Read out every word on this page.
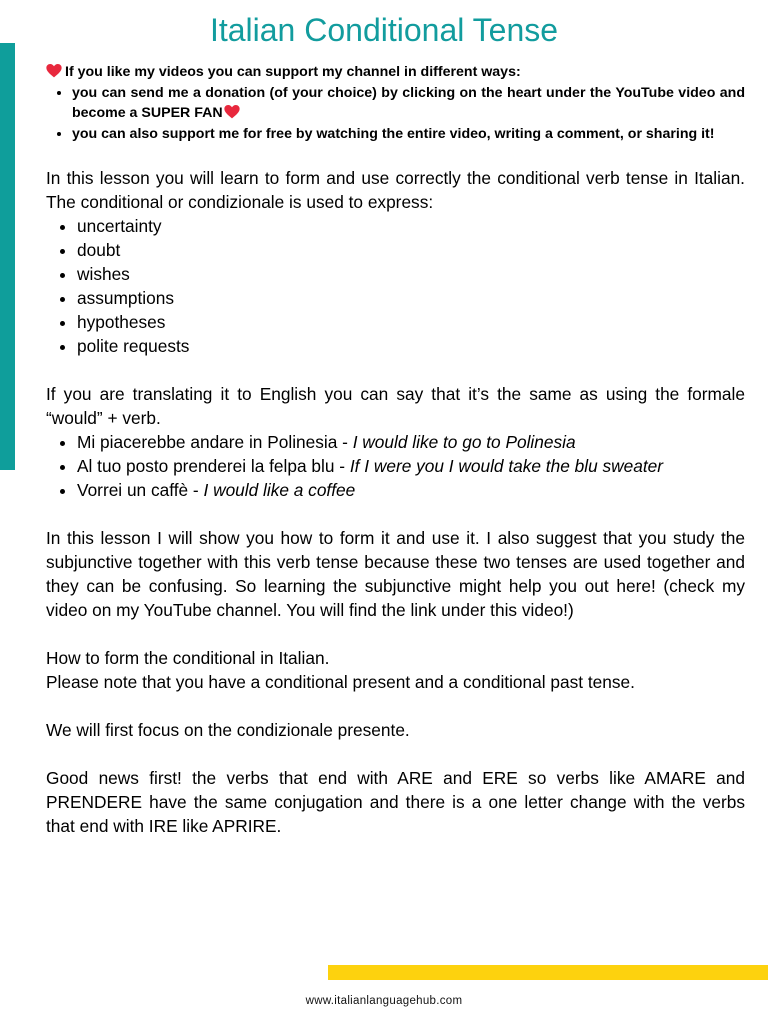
Italian Conditional Tense
If you like my videos you can support my channel in different ways:
• you can send me a donation (of your choice) by clicking on the heart under the YouTube video and become a SUPER FAN
• you can also support me for free by watching the entire video, writing a comment, or sharing it!

In this lesson you will learn to form and use correctly the conditional verb tense in Italian. The conditional or condizionale is used to express:

• uncertainty
• doubt
• wishes
• assumptions
• hypotheses
• polite requests

If you are translating it to English you can say that it’s the same as using the formale “would” + verb.

• Mi piacerebbe andare in Polinesia - I would like to go to Polinesia
• Al tuo posto prenderei la felpa blu - If I were you I would take the blu sweater
• Vorrei un caffè - I would like a coffee

In this lesson I will show you how to form it and use it. I also suggest that you study the subjunctive together with this verb tense because these two tenses are used together and they can be confusing. So learning the subjunctive might help you out here! (check my video on my YouTube channel. You will find the link under this video!)

How to form the conditional in Italian.

Please note that you have a conditional present and a conditional past tense.

We will first focus on the condizionale presente.

Good news first! the verbs that end with ARE and ERE so verbs like AMARE and PRENDERE have the same conjugation and there is a one letter change with the verbs that end with IRE like APRIRE.

www.italianlanguagehub.com
